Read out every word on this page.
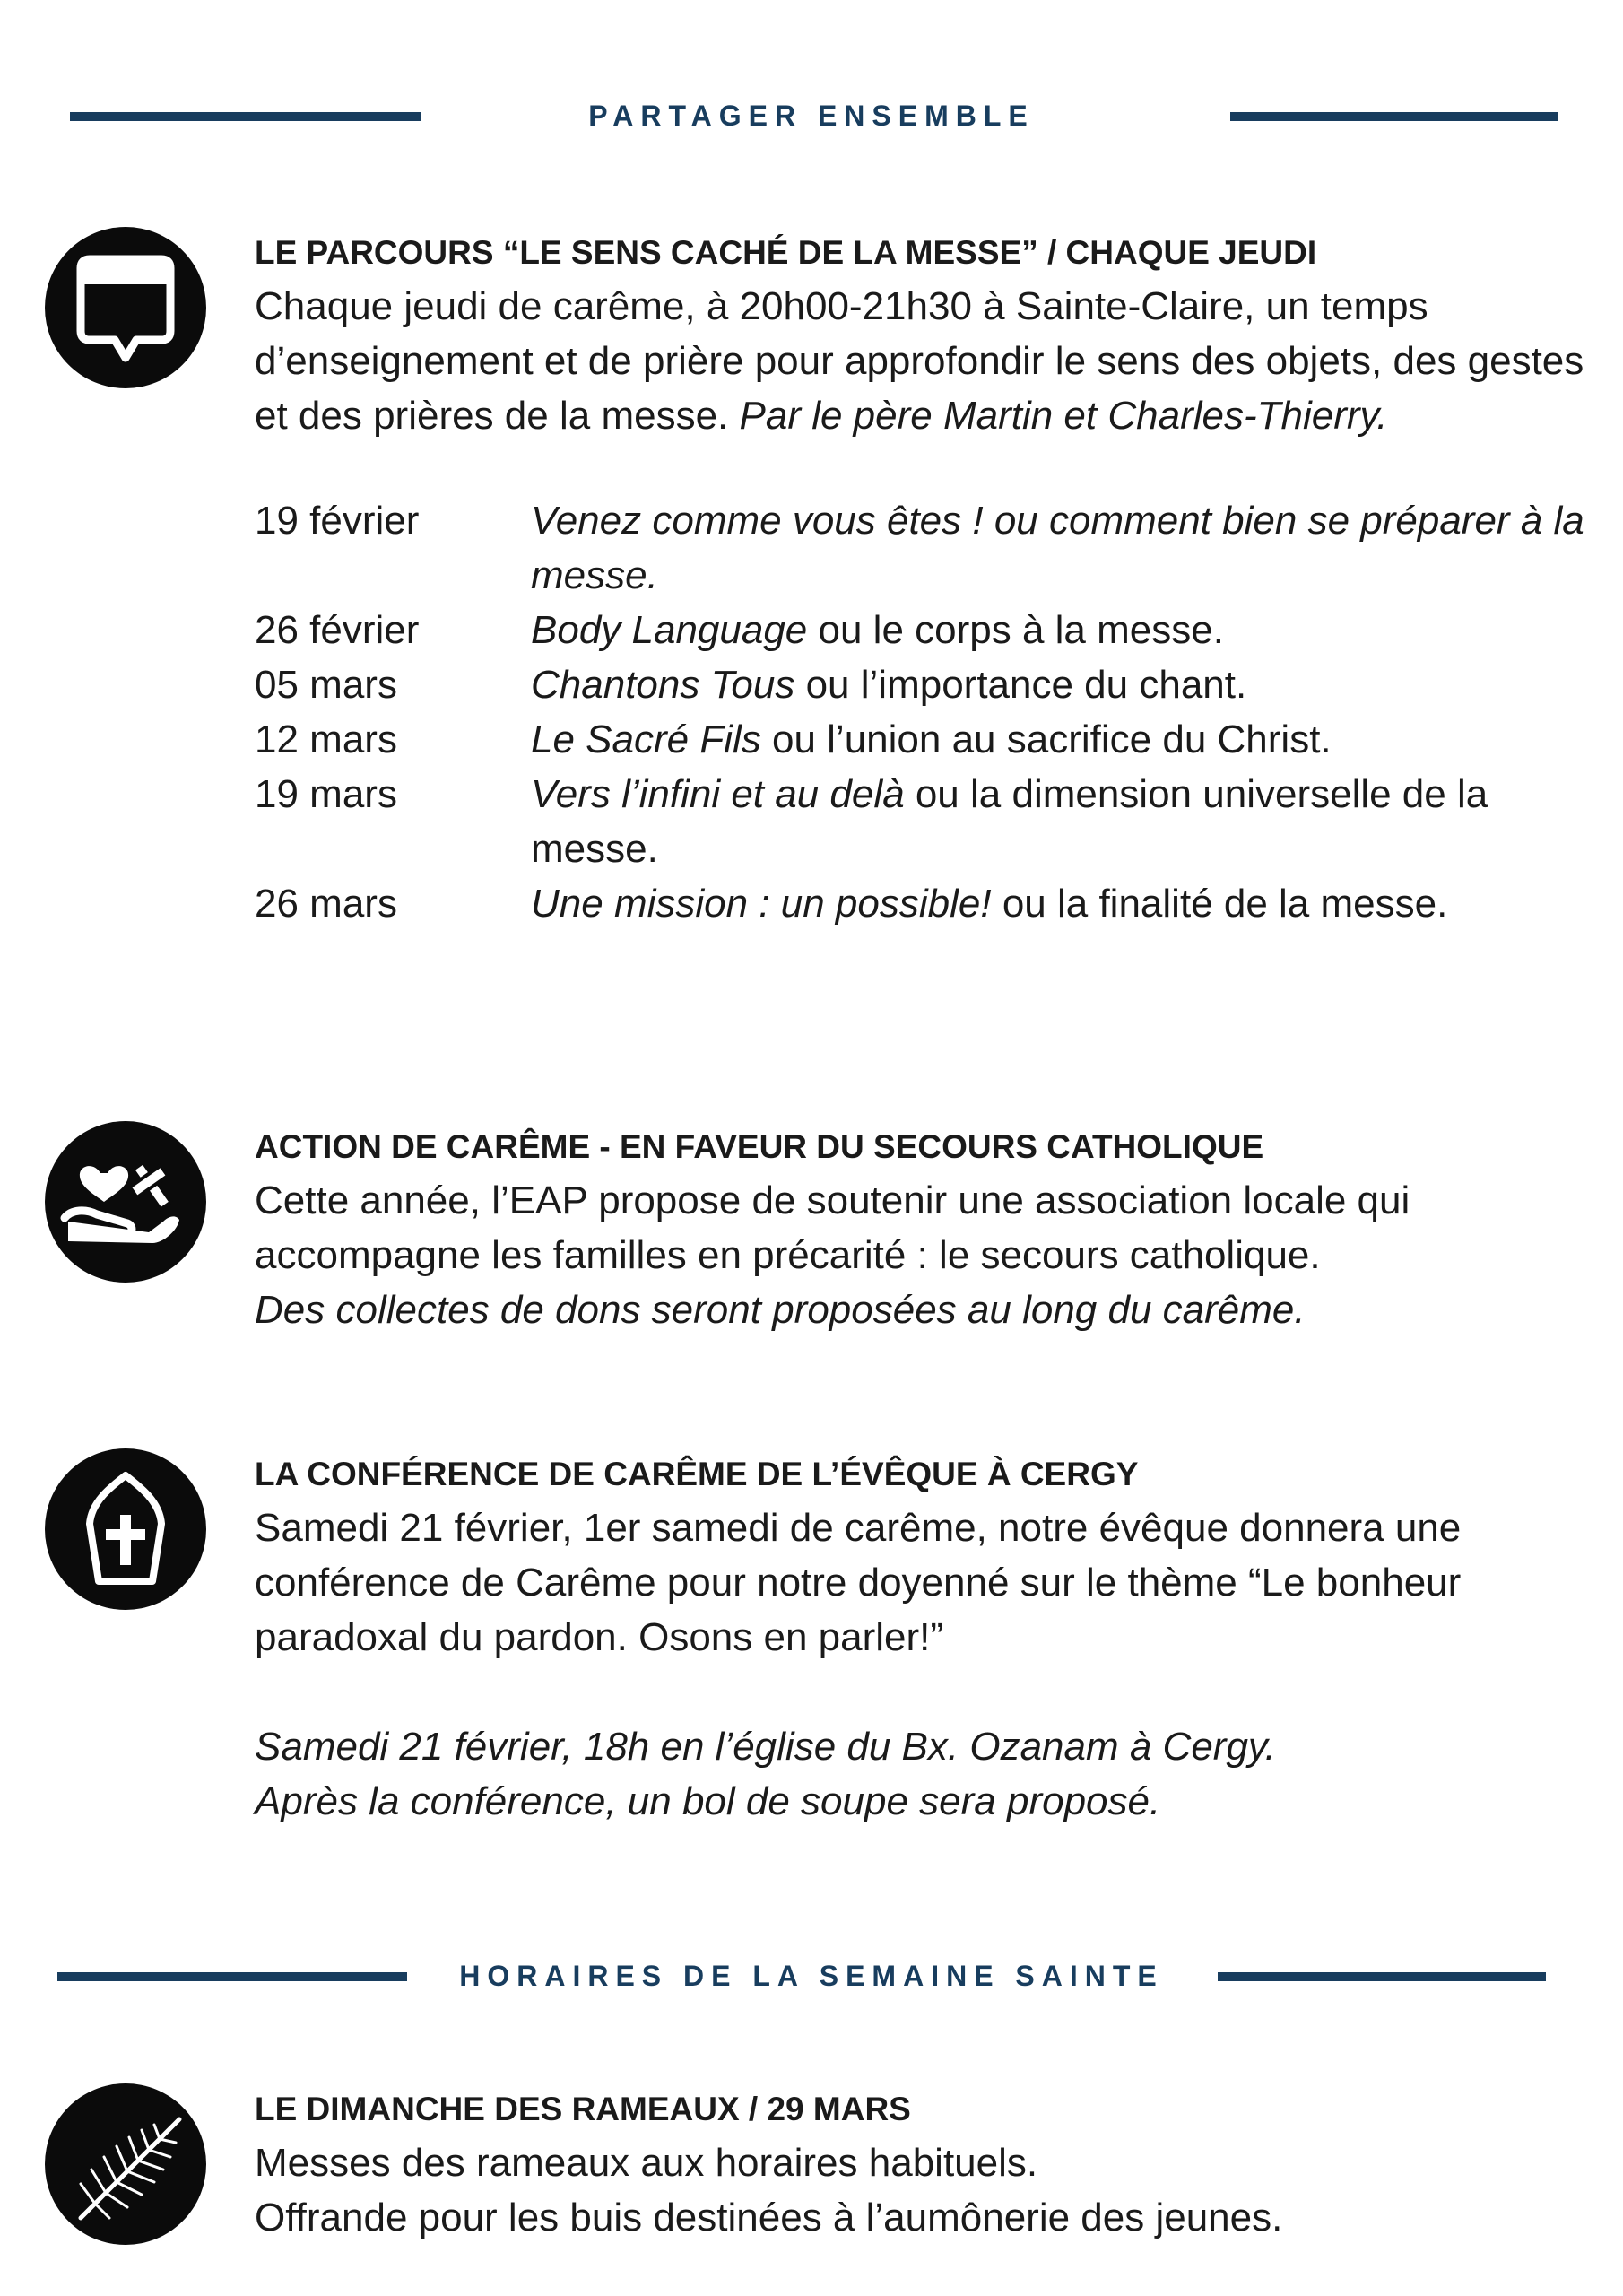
PARTAGER ENSEMBLE
LE PARCOURS “LE SENS CACHÉ DE LA MESSE” / CHAQUE JEUDI
Chaque jeudi de carême, à 20h00-21h30 à Sainte-Claire, un temps d’enseignement et de prière pour approfondir le sens des objets, des gestes et des prières de la messe. Par le père Martin et Charles-Thierry.
19 février	Venez comme vous êtes ! ou comment bien se préparer à la messe.
26 février	Body Language ou le corps à la messe.
05 mars	Chantons Tous ou l’importance du chant.
12 mars	Le Sacré Fils ou l’union au sacrifice du Christ.
19 mars	Vers l’infini et au delà ou la dimension universelle de la messe.
26 mars	Une mission : un possible! ou la finalité de la messe.
ACTION DE CARÊME - EN FAVEUR DU SECOURS CATHOLIQUE
Cette année, l’EAP propose de soutenir une association locale qui accompagne les familles en précarité : le secours catholique.
Des collectes de dons seront proposées au long du carême.
LA CONFÉRENCE DE CARÊME DE L’ÉVÊQUE À CERGY
Samedi 21 février, 1er samedi de carême, notre évêque donnera une conférence de Carême pour notre doyenné sur le thème “Le bonheur paradoxal du pardon. Osons en parler!”
Samedi 21 février, 18h en l’église du Bx. Ozanam à Cergy.
Après la conférence, un bol de soupe sera proposé.
HORAIRES DE LA SEMAINE SAINTE
LE DIMANCHE DES RAMEAUX / 29 MARS
Messes des rameaux aux horaires habituels.
Offrande pour les buis destinées à l’aumônerie des jeunes.
